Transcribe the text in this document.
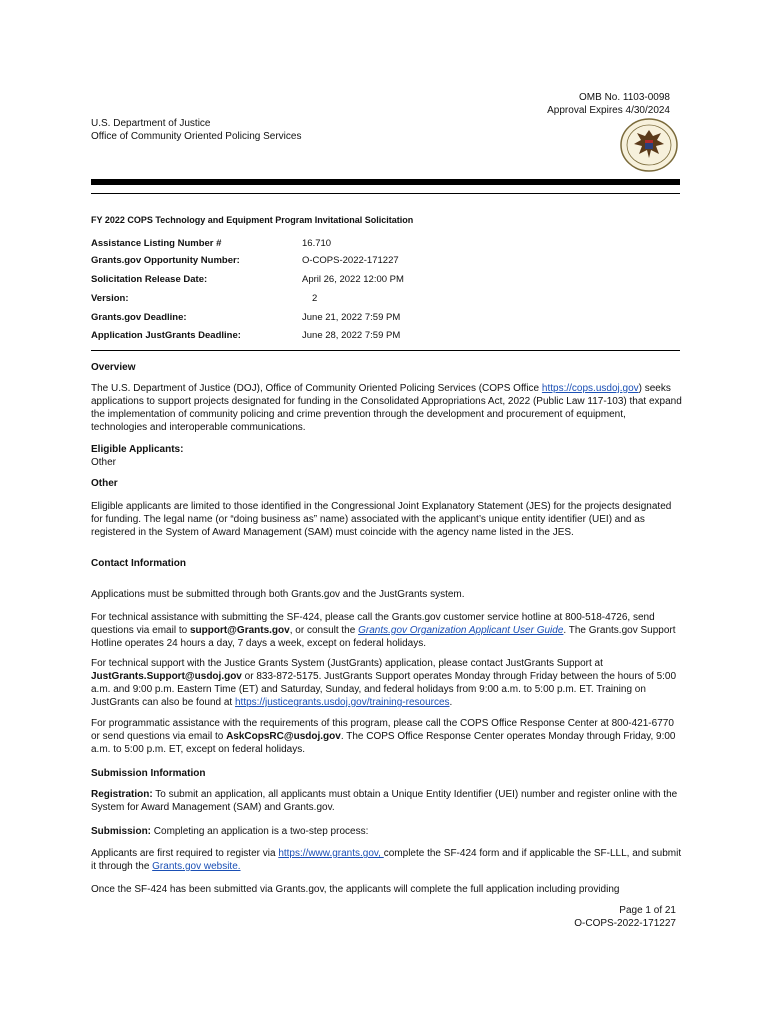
OMB No. 1103-0098
Approval Expires 4/30/2024
U.S. Department of Justice
Office of Community Oriented Policing Services
FY 2022 COPS Technology and Equipment Program Invitational Solicitation
Assistance Listing Number #	16.710
Grants.gov Opportunity Number:	O-COPS-2022-171227
Solicitation Release Date:	April 26, 2022 12:00 PM
Version:	2
Grants.gov Deadline:	June 21, 2022 7:59 PM
Application JustGrants Deadline:	June 28, 2022 7:59 PM
Overview
The U.S. Department of Justice (DOJ), Office of Community Oriented Policing Services (COPS Office https://cops.usdoj.gov) seeks applications to support projects designated for funding in the Consolidated Appropriations Act, 2022 (Public Law 117-103) that expand the implementation of community policing and crime prevention through the development and procurement of equipment, technologies and interoperable communications.
Eligible Applicants:
Other
Other
Eligible applicants are limited to those identified in the Congressional Joint Explanatory Statement (JES) for the projects designated for funding. The legal name (or “doing business as” name) associated with the applicant’s unique entity identifier (UEI) and as registered in the System of Award Management (SAM) must coincide with the agency name listed in the JES.
Contact Information
Applications must be submitted through both Grants.gov and the JustGrants system.
For technical assistance with submitting the SF-424, please call the Grants.gov customer service hotline at 800-518-4726, send questions via email to support@Grants.gov, or consult the Grants.gov Organization Applicant User Guide. The Grants.gov Support Hotline operates 24 hours a day, 7 days a week, except on federal holidays.
For technical support with the Justice Grants System (JustGrants) application, please contact JustGrants Support at JustGrants.Support@usdoj.gov or 833-872-5175. JustGrants Support operates Monday through Friday between the hours of 5:00 a.m. and 9:00 p.m. Eastern Time (ET) and Saturday, Sunday, and federal holidays from 9:00 a.m. to 5:00 p.m. ET. Training on JustGrants can also be found at https://justicegrants.usdoj.gov/training-resources.
For programmatic assistance with the requirements of this program, please call the COPS Office Response Center at 800-421-6770 or send questions via email to AskCopsRC@usdoj.gov. The COPS Office Response Center operates Monday through Friday, 9:00 a.m. to 5:00 p.m. ET, except on federal holidays.
Submission Information
Registration: To submit an application, all applicants must obtain a Unique Entity Identifier (UEI) number and register online with the System for Award Management (SAM) and Grants.gov.
Submission: Completing an application is a two-step process:
Applicants are first required to register via https://www.grants.gov, complete the SF-424 form and if applicable the SF-LLL, and submit it through the Grants.gov website.
Once the SF-424 has been submitted via Grants.gov, the applicants will complete the full application including providing
Page 1 of 21
O-COPS-2022-171227
